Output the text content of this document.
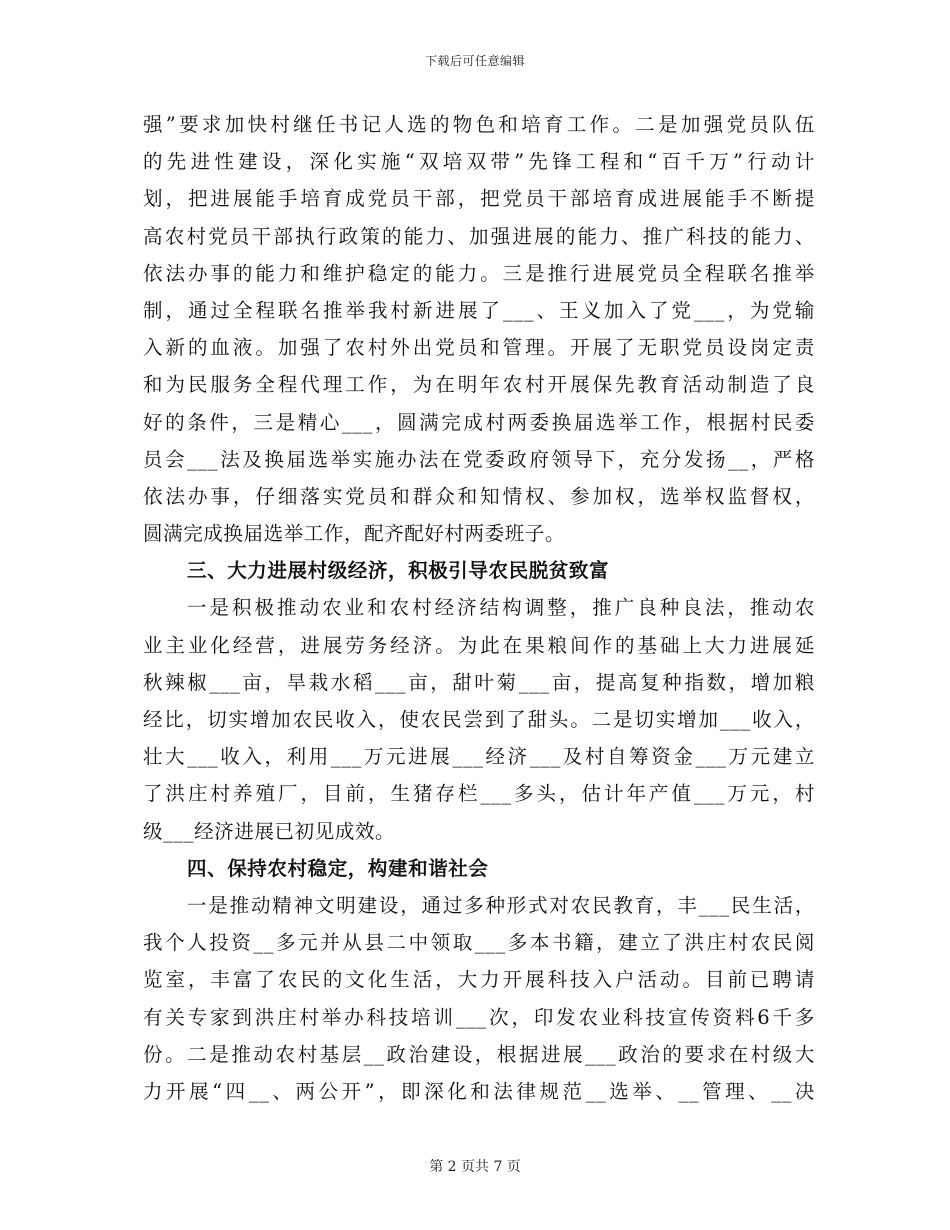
下载后可任意编辑
强”要求加快村继任书记人选的物色和培育工作。二是加强党员队伍
的先进性建设，深化实施“双培双带”先锋工程和“百千万”行动计
划，把进展能手培育成党员干部，把党员干部培育成进展能手不断提
高农村党员干部执行政策的能力、加强进展的能力、推广科技的能力、
依法办事的能力和维护稳定的能力。三是推行进展党员全程联名推举
制，通过全程联名推举我村新进展了___、王义加入了党___，为党输
入新的血液。加强了农村外出党员和管理。开展了无职党员设岗定责
和为民服务全程代理工作，为在明年农村开展保先教育活动制造了良
好的条件，三是精心___，圆满完成村两委换届选举工作，根据村民委
员会___法及换届选举实施办法在党委政府领导下，充分发扬__，严格
依法办事，仔细落实党员和群众和知情权、参加权，选举权监督权，
圆满完成换届选举工作，配齐配好村两委班子。
三、大力进展村级经济，积极引导农民脱贫致富
一是积极推动农业和农村经济结构调整，推广良种良法，推动农
业主业化经营，进展劳务经济。为此在果粮间作的基础上大力进展延
秋辣椒___亩，旱栽水稻___亩，甜叶菊___亩，提高复种指数，增加粮
经比，切实增加农民收入，使农民尝到了甜头。二是切实增加___收入，
壮大___收入，利用___万元进展___经济___及村自筹资金___万元建立
了洪庄村养殖厂，目前，生猪存栏___多头，估计年产值___万元，村
级___经济进展已初见成效。
四、保持农村稳定，构建和谐社会
一是推动精神文明建设，通过多种形式对农民教育，丰___民生活，
我个人投资__多元并从县二中领取___多本书籍，建立了洪庄村农民阅
览室，丰富了农民的文化生活，大力开展科技入户活动。目前已聘请
有关专家到洪庄村举办科技培训___次，印发农业科技宣传资料6千多
份。二是推动农村基层__政治建设，根据进展___政治的要求在村级大
力开展“四__、两公开”，即深化和法律规范__选举、__管理、__决
第 2 页共 7 页
